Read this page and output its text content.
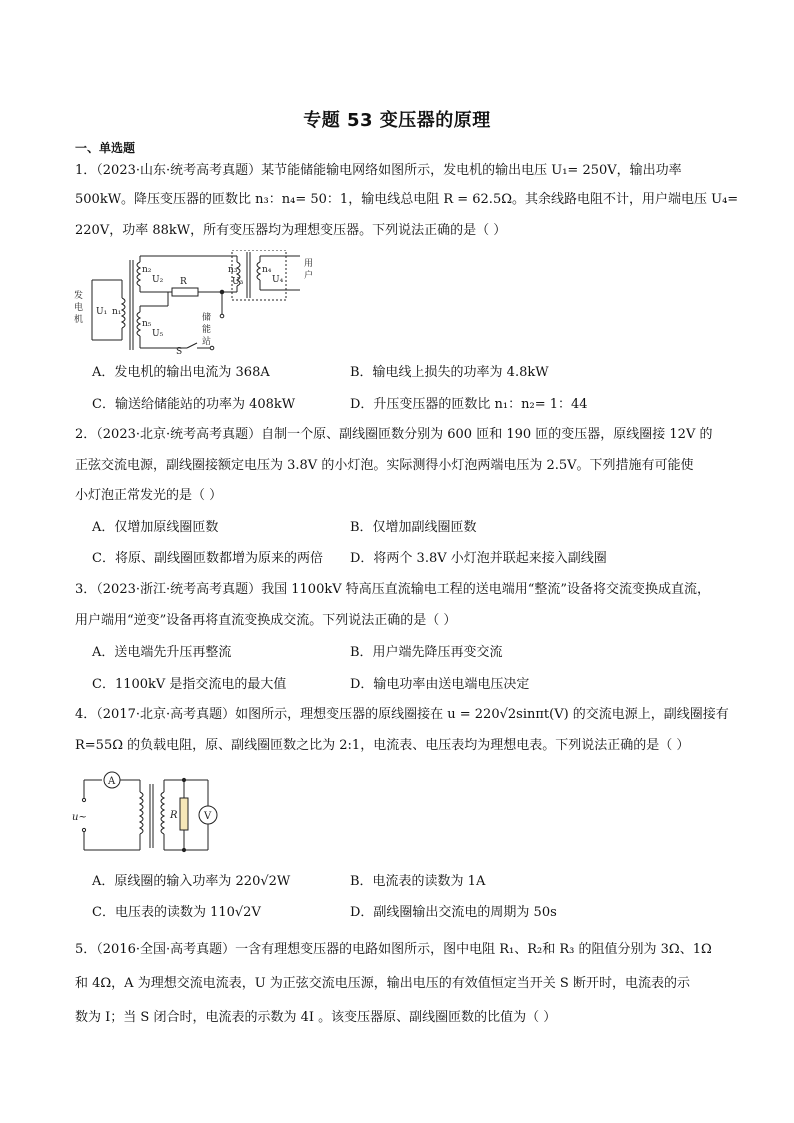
专题 53 变压器的原理
一、单选题
1．（2023·山东·统考高考真题）某节能储能输电网络如图所示，发电机的输出电压 U₁= 250V，输出功率
500kW。降压变压器的匝数比 n₃：n₄= 50：1，输电线总电阻 R = 62.5Ω。其余线路电阻不计，用户端电压 U₄=
220V，功率 88kW，所有变压器均为理想变压器。下列说法正确的是（ ）
发
电
机
n₁
U₁
n₂
U₂
n₅
U₅
R
S
n₃
U₃
n₄
U₄
用
户
储
能
站
A．发电机的输出电流为 368A	B．输电线上损失的功率为 4.8kW
C．输送给储能站的功率为 408kW	D．升压变压器的匝数比 n₁：n₂= 1：44
2．（2023·北京·统考高考真题）自制一个原、副线圈匝数分别为 600 匝和 190 匝的变压器，原线圈接 12V 的
正弦交流电源，副线圈接额定电压为 3.8V 的小灯泡。实际测得小灯泡两端电压为 2.5V。下列措施有可能使
小灯泡正常发光的是（ ）
A．仅增加原线圈匝数	B．仅增加副线圈匝数
C．将原、副线圈匝数都增为原来的两倍 D．将两个 3.8V 小灯泡并联起来接入副线圈
3．（2023·浙江·统考高考真题）我国 1100kV 特高压直流输电工程的送电端用“整流”设备将交流变换成直流，
用户端用“逆变”设备再将直流变换成交流。下列说法正确的是（ ）
A．送电端先升压再整流	B．用户端先降压再变交流
C．1100kV 是指交流电的最大值	D．输电功率由送电端电压决定
4．（2017·北京·高考真题）如图所示，理想变压器的原线圈接在 u = 220√2sinπt(V) 的交流电源上，副线圈接有
R=55Ω 的负载电阻，原、副线圈匝数之比为 2:1，电流表、电压表均为理想电表。下列说法正确的是（ ）
A
u~	R	V
A．原线圈的输入功率为 220√2W	B．电流表的读数为 1A
C．电压表的读数为 110√2V	D．副线圈输出交流电的周期为 50s
5．（2016·全国·高考真题）一含有理想变压器的电路如图所示，图中电阻 R₁、R₂和 R₃ 的阻值分别为 3Ω、1Ω
和 4Ω，A 为理想交流电流表，U 为正弦交流电压源，输出电压的有效值恒定当开关 S 断开时，电流表的示
数为 I；当 S 闭合时，电流表的示数为 4I 。该变压器原、副线圈匝数的比值为（ ）
